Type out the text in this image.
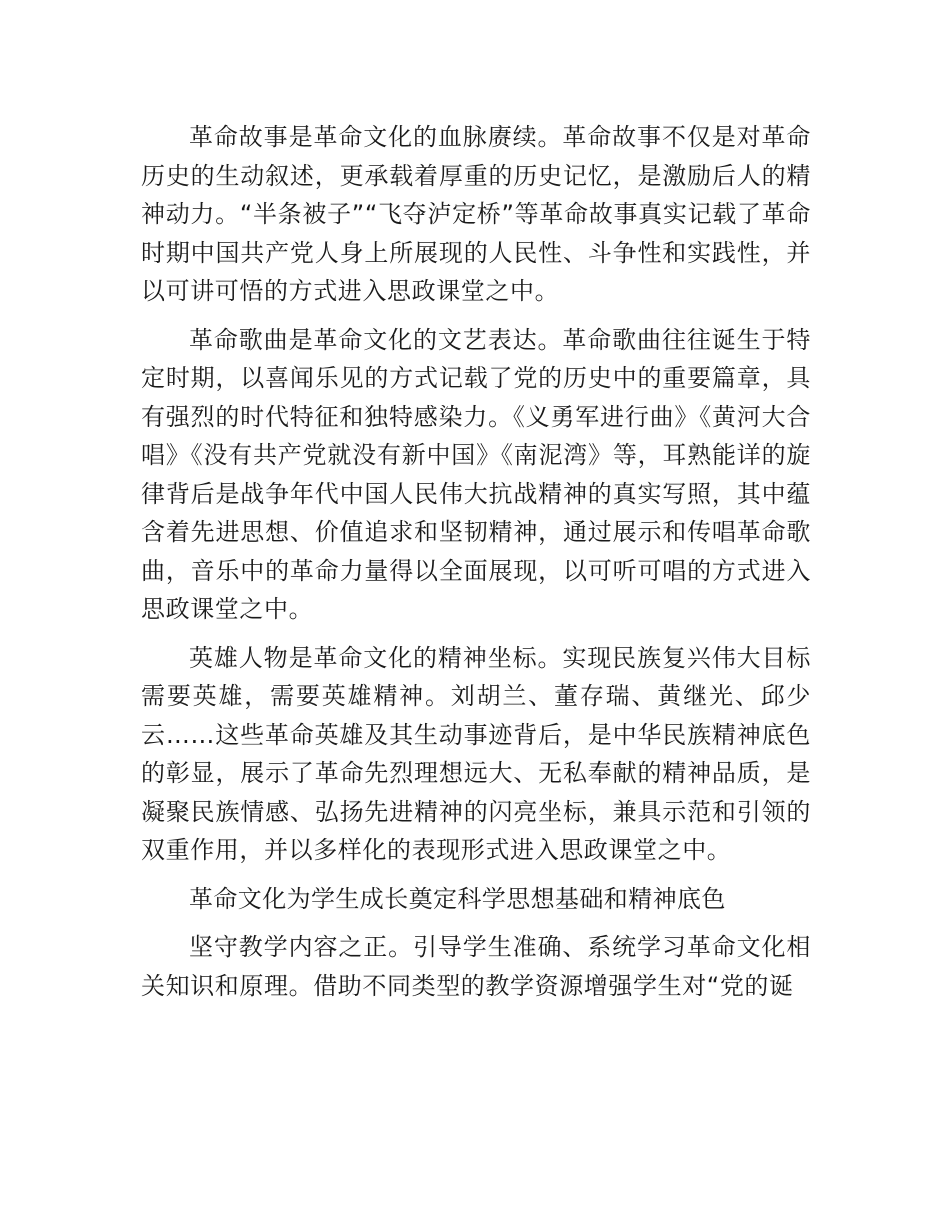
革命故事是革命文化的血脉赓续。革命故事不仅是对革命历史的生动叙述，更承载着厚重的历史记忆，是激励后人的精神动力。“半条被子”“飞夺泸定桥”等革命故事真实记载了革命时期中国共产党人身上所展现的人民性、斗争性和实践性，并以可讲可悟的方式进入思政课堂之中。

革命歌曲是革命文化的文艺表达。革命歌曲往往诞生于特定时期，以喜闻乐见的方式记载了党的历史中的重要篇章，具有强烈的时代特征和独特感染力。《义勇军进行曲》《黄河大合唱》《没有共产党就没有新中国》《南泥湾》等，耳熟能详的旋律背后是战争年代中国人民伟大抗战精神的真实写照，其中蕴含着先进思想、价值追求和坚韧精神，通过展示和传唱革命歌曲，音乐中的革命力量得以全面展现，以可听可唱的方式进入思政课堂之中。

英雄人物是革命文化的精神坐标。实现民族复兴伟大目标需要英雄，需要英雄精神。刘胡兰、董存瑞、黄继光、邱少云……这些革命英雄及其生动事迹背后，是中华民族精神底色的彰显，展示了革命先烈理想远大、无私奉献的精神品质，是凝聚民族情感、弘扬先进精神的闪亮坐标，兼具示范和引领的双重作用，并以多样化的表现形式进入思政课堂之中。

革命文化为学生成长奠定科学思想基础和精神底色

坚守教学内容之正。引导学生准确、系统学习革命文化相关知识和原理。借助不同类型的教学资源增强学生对“党的诞
